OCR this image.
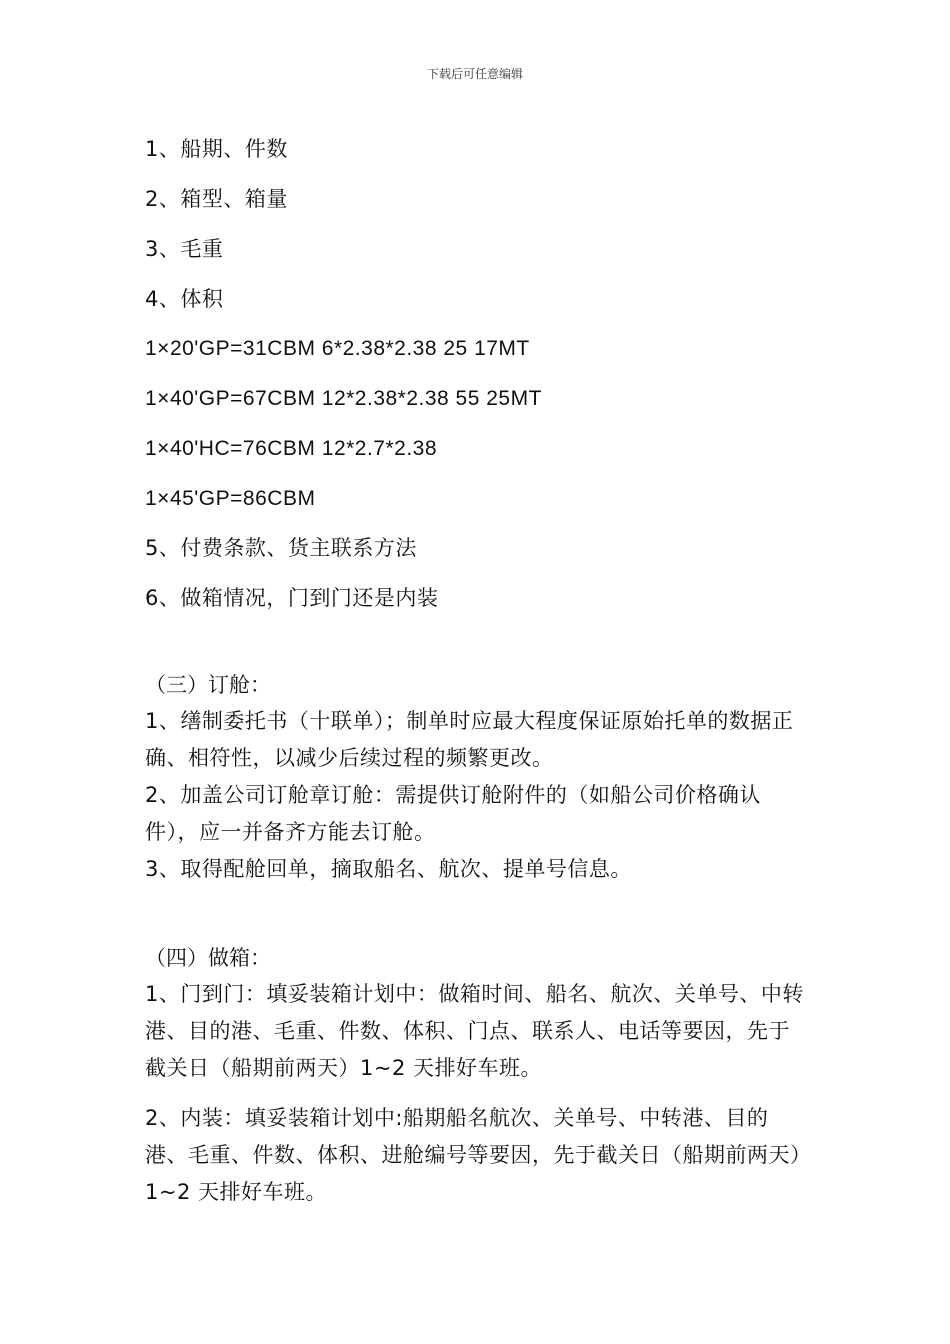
下载后可任意编辑
1、船期、件数
2、箱型、箱量
3、毛重
4、体积
1×20'GP=31CBM 6*2.38*2.38 25 17MT
1×40'GP=67CBM 12*2.38*2.38 55 25MT
1×40'HC=76CBM 12*2.7*2.38
1×45'GP=86CBM
5、付费条款、货主联系方法
6、做箱情况，门到门还是内装
（三）订舱：
1、缮制委托书（十联单）；制单时应最大程度保证原始托单的数据正确、相符性，以减少后续过程的频繁更改。
2、加盖公司订舱章订舱：需提供订舱附件的（如船公司价格确认件），应一并备齐方能去订舱。
3、取得配舱回单，摘取船名、航次、提单号信息。
（四）做箱：
1、门到门：填妥装箱计划中：做箱时间、船名、航次、关单号、中转港、目的港、毛重、件数、体积、门点、联系人、电话等要因，先于截关日（船期前两天）1~2 天排好车班。
2、内装：填妥装箱计划中:船期船名航次、关单号、中转港、目的港、毛重、件数、体积、进舱编号等要因，先于截关日（船期前两天）1~2 天排好车班。
